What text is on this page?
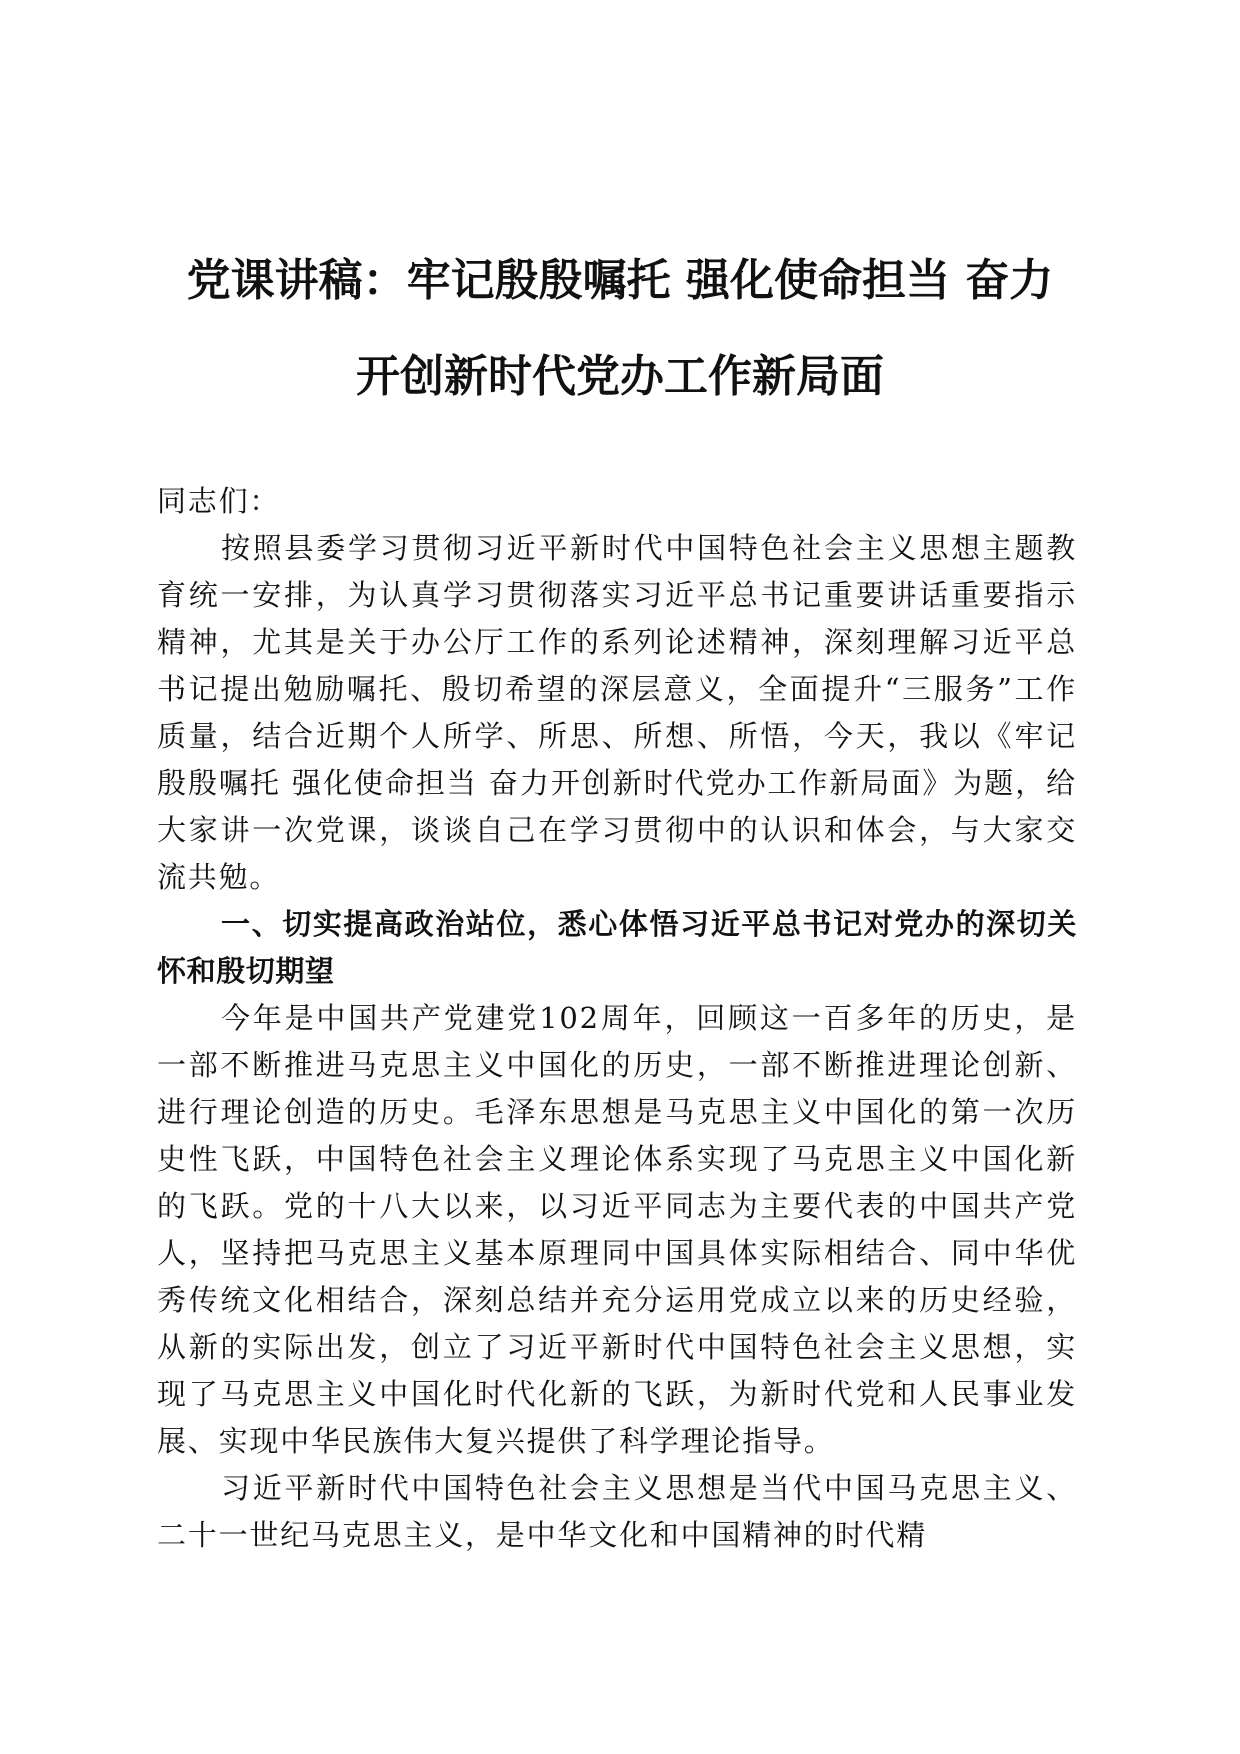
党课讲稿：牢记殷殷嘱托 强化使命担当 奋力
开创新时代党办工作新局面

同志们：

按照县委学习贯彻习近平新时代中国特色社会主义思想主题教育统一安排，为认真学习贯彻落实习近平总书记重要讲话重要指示精神，尤其是关于办公厅工作的系列论述精神，深刻理解习近平总书记提出勉励嘱托、殷切希望的深层意义，全面提升“三服务”工作质量，结合近期个人所学、所思、所想、所悟，今天，我以《牢记殷殷嘱托 强化使命担当 奋力开创新时代党办工作新局面》为题，给大家讲一次党课，谈谈自己在学习贯彻中的认识和体会，与大家交流共勉。

一、切实提高政治站位，悉心体悟习近平总书记对党办的深切关怀和殷切期望

今年是中国共产党建党102周年，回顾这一百多年的历史，是一部不断推进马克思主义中国化的历史，一部不断推进理论创新、进行理论创造的历史。毛泽东思想是马克思主义中国化的第一次历史性飞跃，中国特色社会主义理论体系实现了马克思主义中国化新的飞跃。党的十八大以来，以习近平同志为主要代表的中国共产党人，坚持把马克思主义基本原理同中国具体实际相结合、同中华优秀传统文化相结合，深刻总结并充分运用党成立以来的历史经验，从新的实际出发，创立了习近平新时代中国特色社会主义思想，实现了马克思主义中国化时代化新的飞跃，为新时代党和人民事业发展、实现中华民族伟大复兴提供了科学理论指导。

习近平新时代中国特色社会主义思想是当代中国马克思主义、二十一世纪马克思主义，是中华文化和中国精神的时代精
